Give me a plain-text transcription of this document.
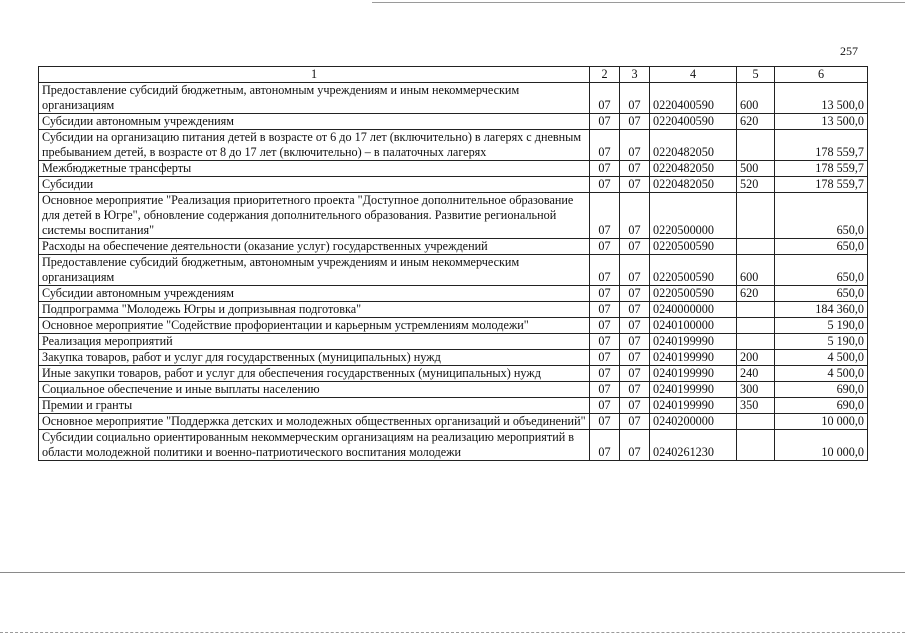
257
1	2	3	4	5	6
Предоставление субсидий бюджетным, автономным учреждениям и иным некоммерческим организациям	07	07	0220400590	600	13 500,0
Субсидии автономным учреждениям	07	07	0220400590	620	13 500,0
Субсидии на организацию питания детей в возрасте от 6 до 17 лет (включительно) в лагерях с дневным пребыванием детей, в возрасте от 8 до 17 лет (включительно) – в палаточных лагерях	07	07	0220482050		178 559,7
Межбюджетные трансферты	07	07	0220482050	500	178 559,7
Субсидии	07	07	0220482050	520	178 559,7
Основное мероприятие "Реализация приоритетного проекта "Доступное дополнительное образование для детей в Югре", обновление содержания дополнительного образования. Развитие региональной системы воспитания"	07	07	0220500000		650,0
Расходы на обеспечение деятельности (оказание услуг) государственных учреждений	07	07	0220500590		650,0
Предоставление субсидий бюджетным, автономным учреждениям и иным некоммерческим организациям	07	07	0220500590	600	650,0
Субсидии автономным учреждениям	07	07	0220500590	620	650,0
Подпрограмма "Молодежь Югры и допризывная подготовка"	07	07	0240000000		184 360,0
Основное мероприятие "Содействие профориентации и карьерным устремлениям молодежи"	07	07	0240100000		5 190,0
Реализация мероприятий	07	07	0240199990		5 190,0
Закупка товаров, работ и услуг для государственных (муниципальных) нужд	07	07	0240199990	200	4 500,0
Иные закупки товаров, работ и услуг для обеспечения государственных (муниципальных) нужд	07	07	0240199990	240	4 500,0
Социальное обеспечение и иные выплаты населению	07	07	0240199990	300	690,0
Премии и гранты	07	07	0240199990	350	690,0
Основное мероприятие "Поддержка детских и молодежных общественных организаций и объединений"	07	07	0240200000		10 000,0
Субсидии социально ориентированным некоммерческим организациям на реализацию мероприятий в области молодежной политики и военно-патриотического воспитания молодежи	07	07	0240261230		10 000,0
